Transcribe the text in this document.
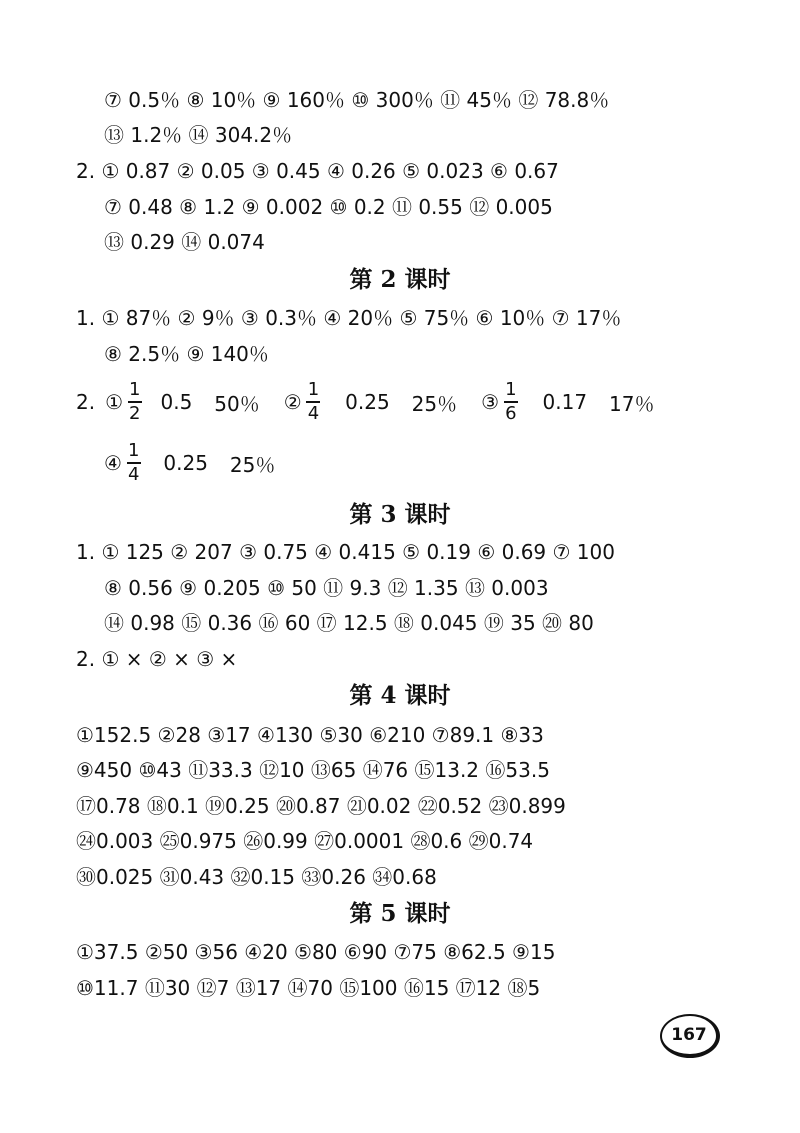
⑦ 0.5％ ⑧ 10％ ⑨ 160％ ⑩ 300％ ⑪ 45％ ⑫ 78.8％
⑬ 1.2％ ⑭ 304.2％
2. ① 0.87 ② 0.05 ③ 0.45 ④ 0.26 ⑤ 0.023 ⑥ 0.67
⑦ 0.48 ⑧ 1.2 ⑨ 0.002 ⑩ 0.2 ⑪ 0.55 ⑫ 0.005
⑬ 0.29 ⑭ 0.074
第 2 课时
1. ① 87％ ② 9％ ③ 0.3％ ④ 20％ ⑤ 75％ ⑥ 10％ ⑦ 17％
⑧ 2.5％ ⑨ 140％
2. ① $\frac{1}{2} 0.5$ 50％ ② $\frac{1}{4} 0.25$ 25％ ③ $\frac{1}{6} 0.17$ 17％
④ $\frac{1}{4} 0.25$ 25％
第 3 课时
1. ① 125 ② 207 ③ 0.75 ④ 0.415 ⑤ 0.19 ⑥ 0.69 ⑦ 100
⑧ 0.56 ⑨ 0.205 ⑩ 50 ⑪ 9.3 ⑫ 1.35 ⑬ 0.003
⑭ 0.98 ⑮ 0.36 ⑯ 60 ⑰ 12.5 ⑱ 0.045 ⑲ 35 ⑳ 80
2. ① × ② × ③ ×
第 4 课时
①152.5 ②28 ③17 ④130 ⑤30 ⑥210 ⑦89.1 ⑧33
⑨450 ⑩43 ⑪33.3 ⑫10 ⑬65 ⑭76 ⑮13.2 ⑯53.5
⑰0.78 ⑱0.1 ⑲0.25 ⑳0.87 ㉑0.02 ㉒0.52 ㉓0.899
㉔0.003 ㉕0.975 ㉖0.99 ㉗0.0001 ㉘0.6 ㉙0.74
㉚0.025 ㉛0.43 ㉜0.15 ㉝0.26 ㉞0.68
第 5 课时
①37.5 ②50 ③56 ④20 ⑤80 ⑥90 ⑦75 ⑧62.5 ⑨15
⑩11.7 ⑪30 ⑫7 ⑬17 ⑭70 ⑮100 ⑯15 ⑰12 ⑱5
167
